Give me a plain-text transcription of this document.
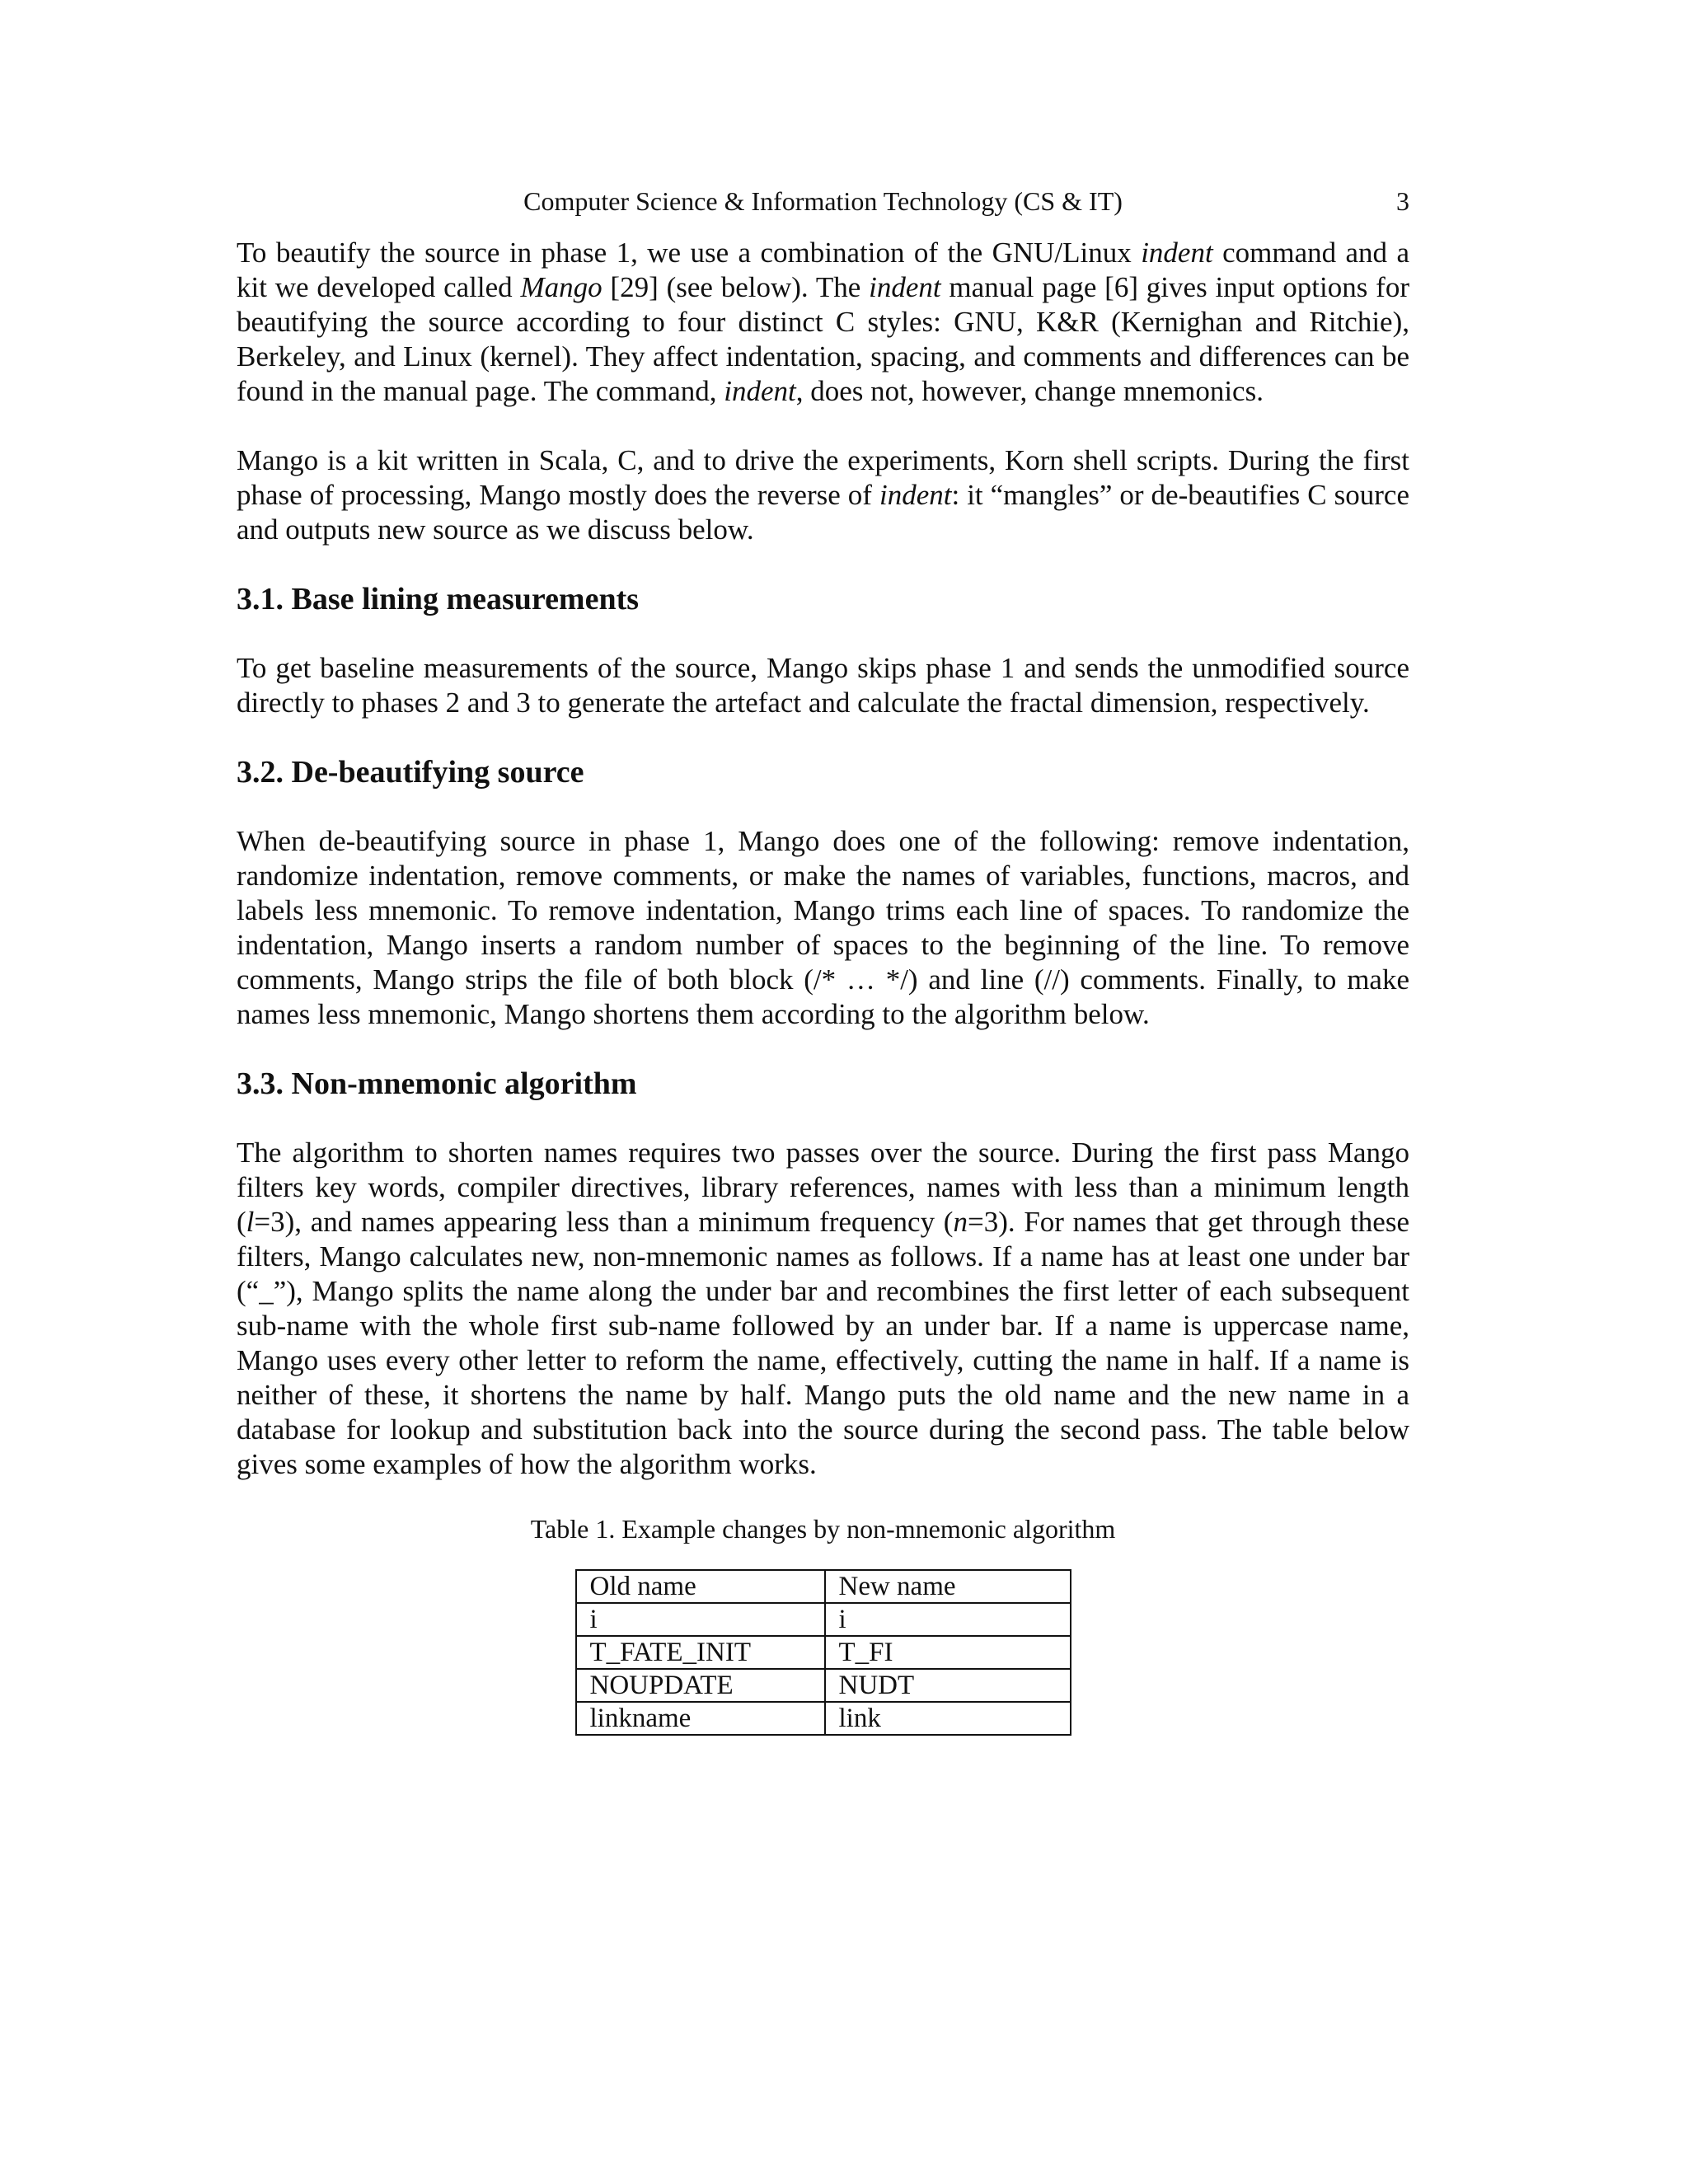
Computer Science & Information Technology (CS & IT)	3

To beautify the source in phase 1, we use a combination of the GNU/Linux indent command and a kit we developed called Mango [29] (see below). The indent manual page [6] gives input options for beautifying the source according to four distinct C styles: GNU, K&R (Kernighan and Ritchie), Berkeley, and Linux (kernel). They affect indentation, spacing, and comments and differences can be found in the manual page. The command, indent, does not, however, change mnemonics.

Mango is a kit written in Scala, C, and to drive the experiments, Korn shell scripts. During the first phase of processing, Mango mostly does the reverse of indent: it “mangles” or de-beautifies C source and outputs new source as we discuss below.

3.1. Base lining measurements

To get baseline measurements of the source, Mango skips phase 1 and sends the unmodified source directly to phases 2 and 3 to generate the artefact and calculate the fractal dimension, respectively.

3.2. De-beautifying source

When de-beautifying source in phase 1, Mango does one of the following: remove indentation, randomize indentation, remove comments, or make the names of variables, functions, macros, and labels less mnemonic. To remove indentation, Mango trims each line of spaces. To randomize the indentation, Mango inserts a random number of spaces to the beginning of the line. To remove comments, Mango strips the file of both block (/* … */) and line (//) comments. Finally, to make names less mnemonic, Mango shortens them according to the algorithm below.

3.3. Non-mnemonic algorithm

The algorithm to shorten names requires two passes over the source. During the first pass Mango filters key words, compiler directives, library references, names with less than a minimum length (l=3), and names appearing less than a minimum frequency (n=3). For names that get through these filters, Mango calculates new, non-mnemonic names as follows. If a name has at least one under bar (“_”), Mango splits the name along the under bar and recombines the first letter of each subsequent sub-name with the whole first sub-name followed by an under bar. If a name is uppercase name, Mango uses every other letter to reform the name, effectively, cutting the name in half. If a name is neither of these, it shortens the name by half. Mango puts the old name and the new name in a database for lookup and substitution back into the source during the second pass. The table below gives some examples of how the algorithm works.

Table 1. Example changes by non-mnemonic algorithm
Old name	New name
i	i
T_FATE_INIT	T_FI
NOUPDATE	NUDT
linkname	link
